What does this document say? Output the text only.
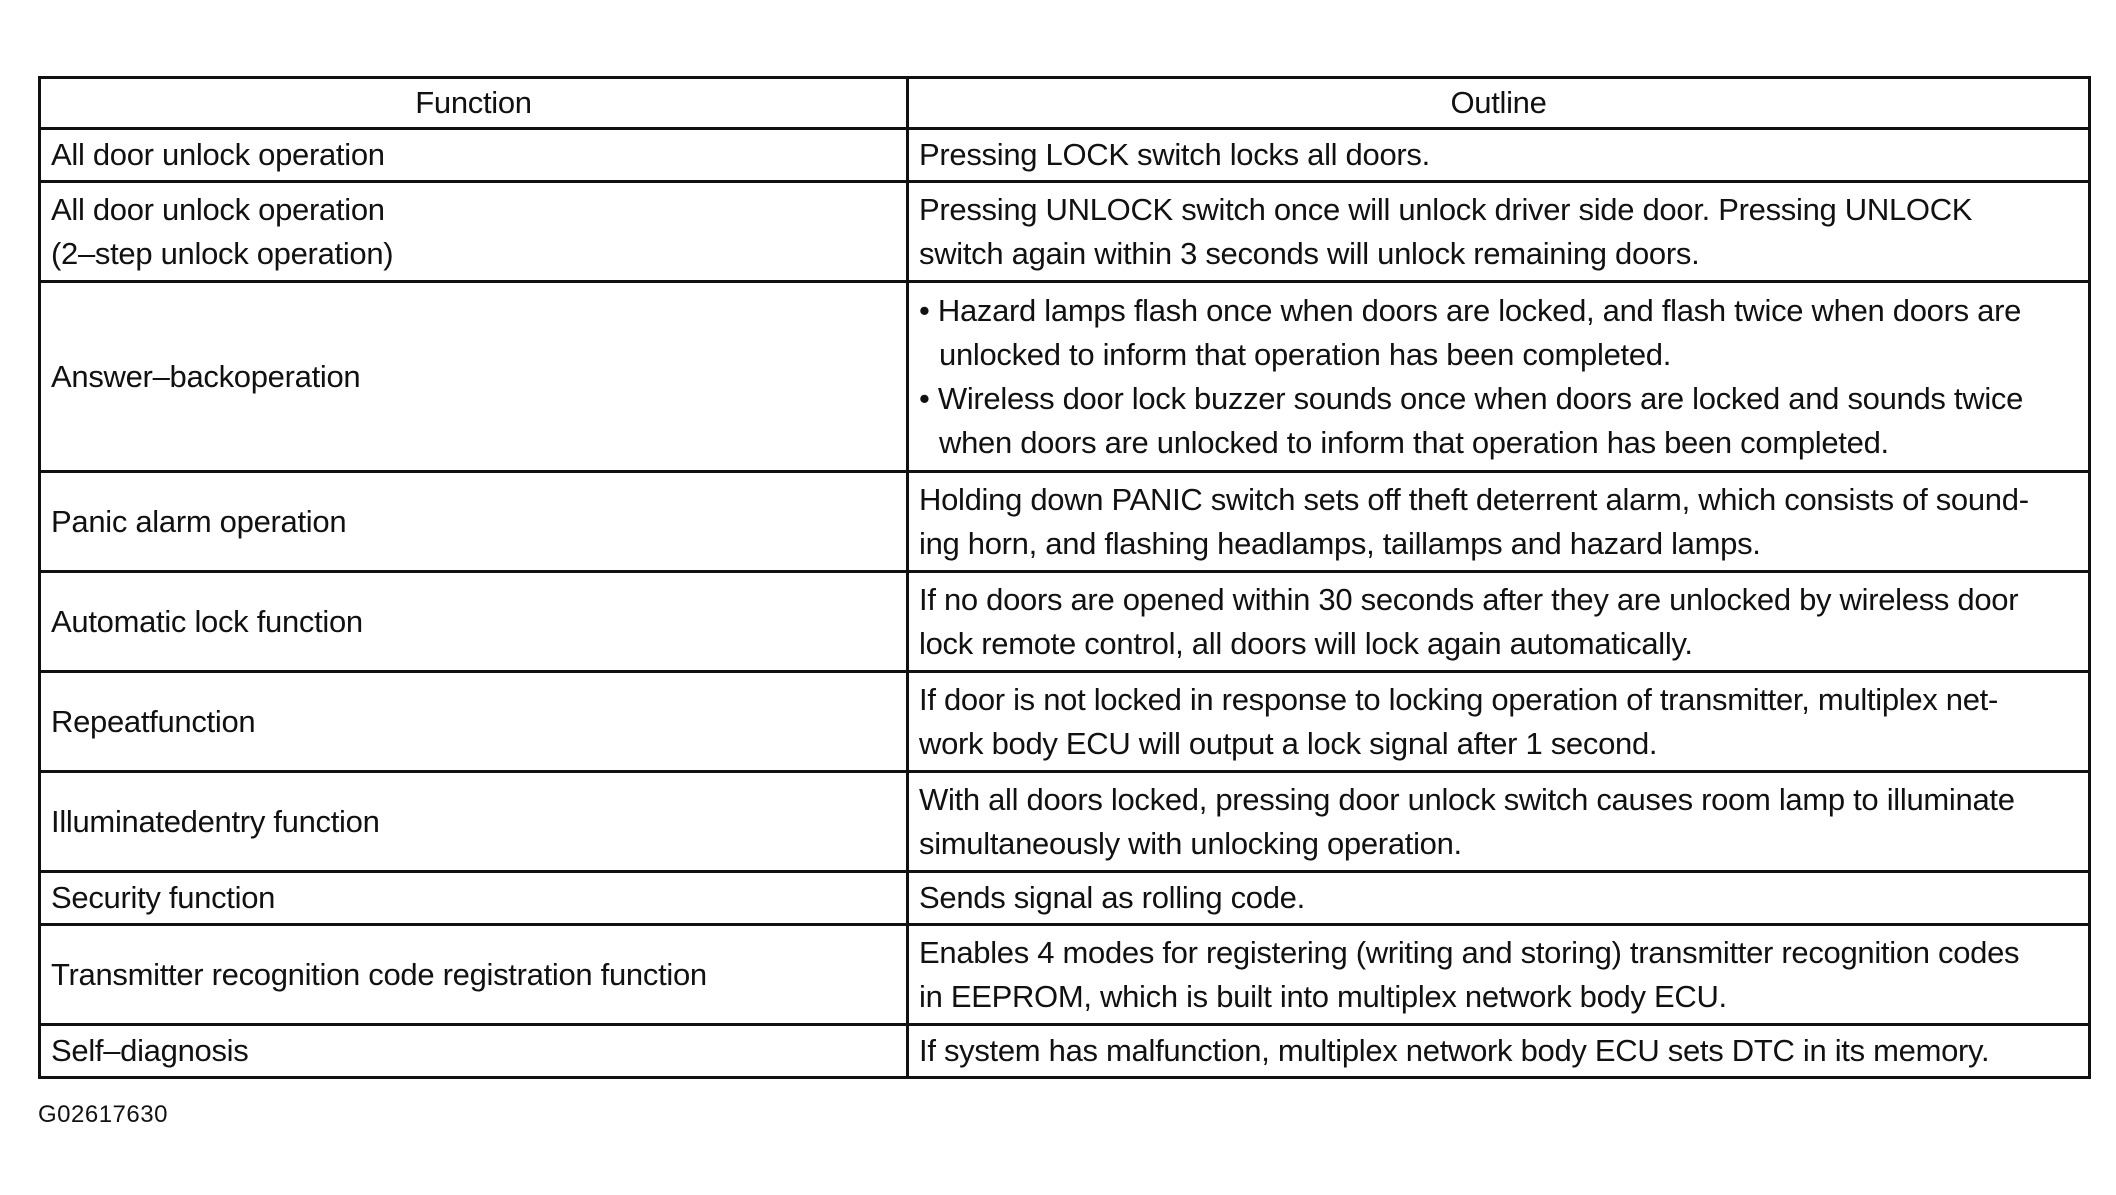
Function	Outline

All door unlock operation	Pressing LOCK switch locks all doors.

All door unlock operation
(2–step unlock operation)	Pressing UNLOCK switch once will unlock driver side door. Pressing UNLOCK
switch again within 3 seconds will unlock remaining doors.

Answer–backoperation	• Hazard lamps flash once when doors are locked, and flash twice when doors are unlocked to inform that operation has been completed.
• Wireless door lock buzzer sounds once when doors are locked and sounds twice when doors are unlocked to inform that operation has been completed.

Panic alarm operation	Holding down PANIC switch sets off theft deterrent alarm, which consists of sound-
ing horn, and flashing headlamps, taillamps and hazard lamps.

Automatic lock function	If no doors are opened within 30 seconds after they are unlocked by wireless door
lock remote control, all doors will lock again automatically.

Repeatfunction	If door is not locked in response to locking operation of transmitter, multiplex net-
work body ECU will output a lock signal after 1 second.

Illuminatedentry function	With all doors locked, pressing door unlock switch causes room lamp to illuminate
simultaneously with unlocking operation.

Security function	Sends signal as rolling code.

Transmitter recognition code registration function	Enables 4 modes for registering (writing and storing) transmitter recognition codes
in EEPROM, which is built into multiplex network body ECU.

Self–diagnosis	If system has malfunction, multiplex network body ECU sets DTC in its memory.
G02617630
